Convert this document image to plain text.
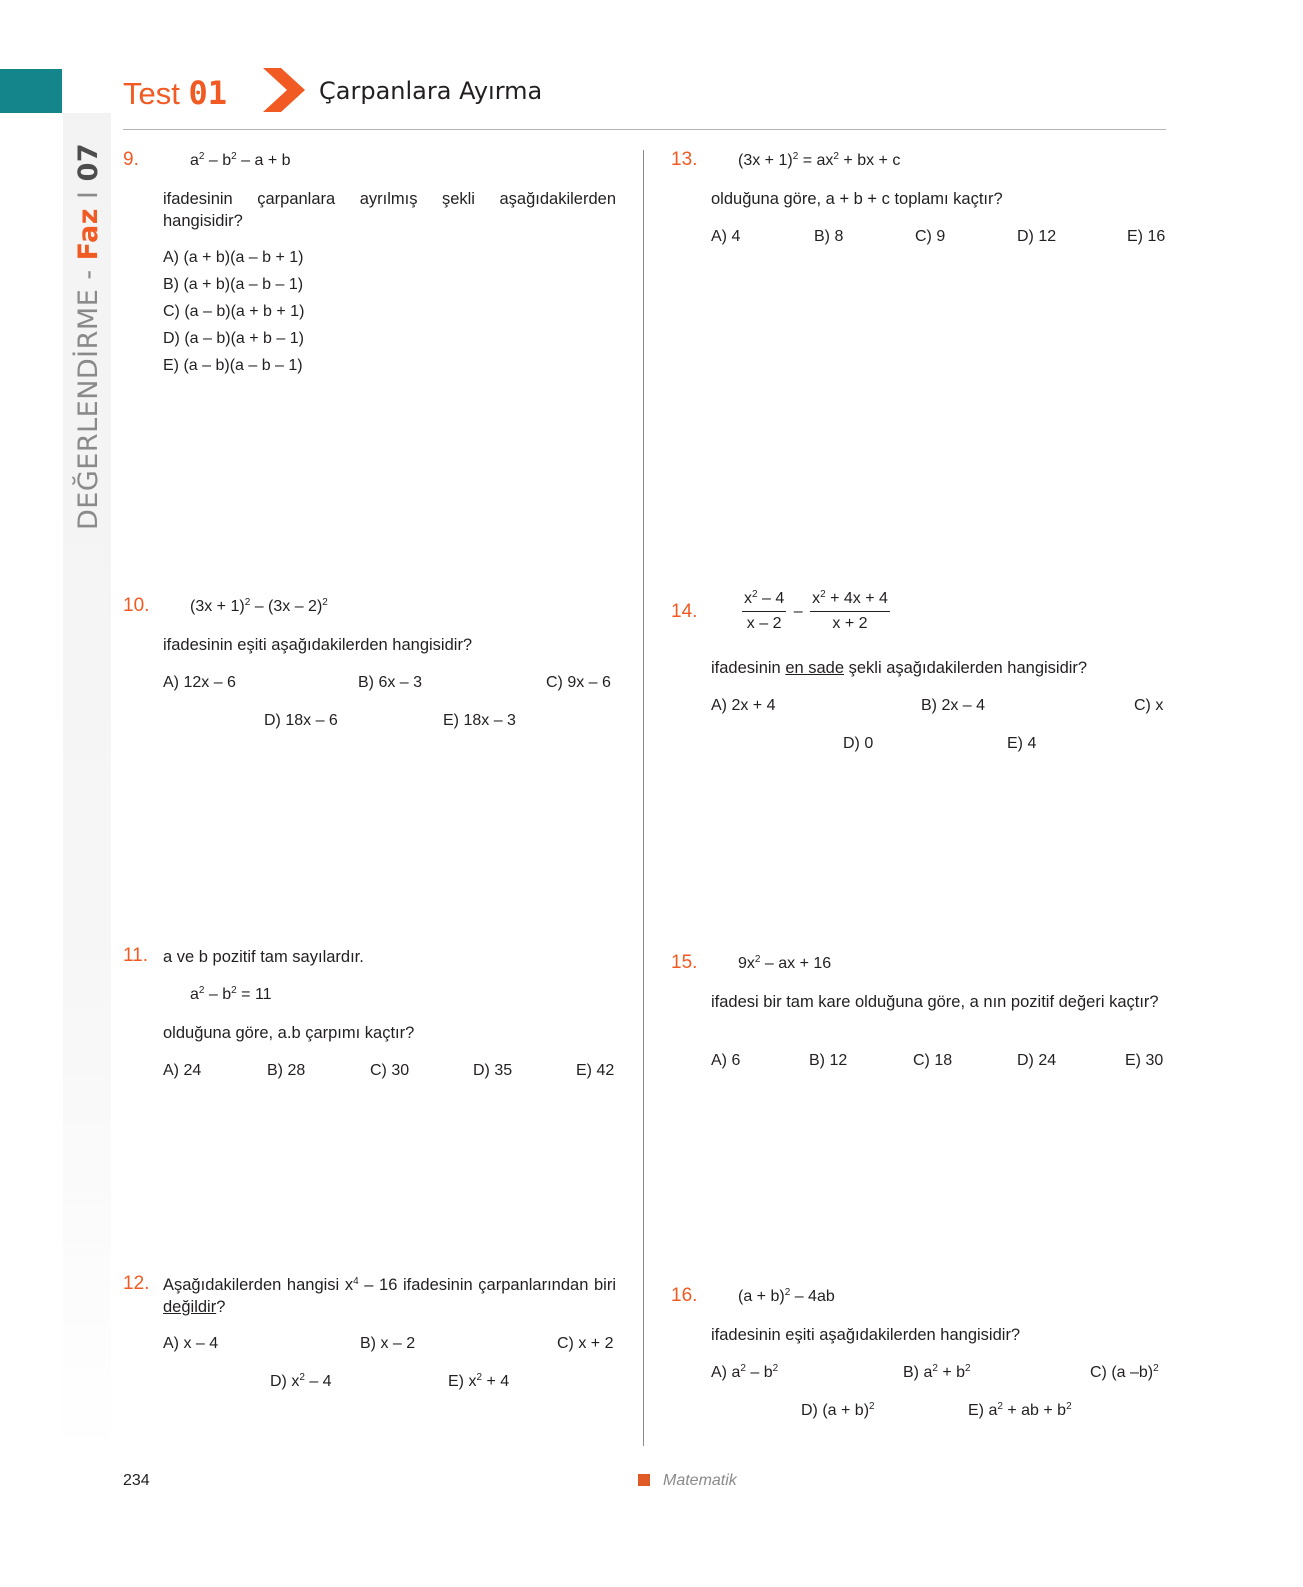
DEĞERLENDİRME - Faz I 07
Test 01	Çarpanlara Ayırma
9.	$a^2 - b^2 - a + b$
ifadesinin çarpanlara ayrılmış şekli aşağıdakilerden hangisidir?
A) (a + b)(a – b + 1)
B) (a + b)(a – b – 1)
C) (a – b)(a + b + 1)
D) (a – b)(a + b – 1)
E) (a – b)(a – b – 1)
10.	$(3x + 1)^2 - (3x - 2)^2$
ifadesinin eşiti aşağıdakilerden hangisidir?
A) 12x – 6	B) 6x – 3	C) 9x – 6
D) 18x – 6	E) 18x – 3
11. a ve b pozitif tam sayılardır.
$a^2 - b^2 = 11$
olduğuna göre, a.b çarpımı kaçtır?
A) 24	B) 28	C) 30	D) 35	E) 42
12. Aşağıdakilerden hangisi $x^4 - 16$ ifadesinin çarpanlarından biri değildir?
A) x – 4	B) x – 2	C) x + 2
D) $x^2 - 4$	E) $x^2 + 4$
13.	$(3x + 1)^2 = ax^2$ + bx + c
olduğuna göre, a + b + c toplamı kaçtır?
A) 4	B) 8	C) 9	D) 12	E) 16
14.	$\frac{x^2 - 4}{x - 2} - \frac{x^2 + 4x + 4}{x + 2}$
ifadesinin en sade şekli aşağıdakilerden hangisidir?
A) 2x + 4	B) 2x – 4	C) x
D) 0	E) 4
15.	$9x^2$ – ax + 16
ifadesi bir tam kare olduğuna göre, a nın pozitif değeri kaçtır?
A) 6	B) 12	C) 18	D) 24	E) 30
16.	$(a + b)^2 - 4ab$
ifadesinin eşiti aşağıdakilerden hangisidir?
A) $a^2 - b^2$	B) $a^2 + b^2$	C) (a –b)$^2$
D) $(a + b)^2$	E) $a^2$ + ab + $b^2$
234	Matematik
